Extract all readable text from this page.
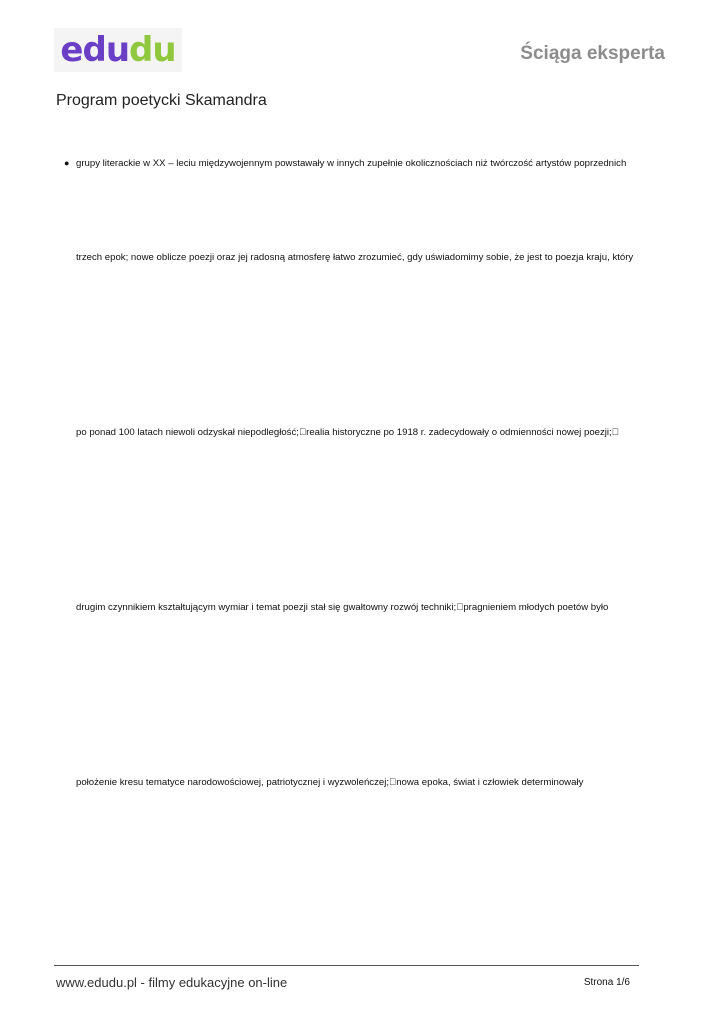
edudu	Ściąga eksperta
Program poetycki Skamandra
● grupy literackie w XX – leciu międzywojennym powstawały w innych zupełnie okolicznościach niż twórczość artystów poprzednich
trzech epok; nowe oblicze poezji oraz jej radosną atmosferę łatwo zrozumieć, gdy uświadomimy sobie, że jest to poezja kraju, który
po ponad 100 latach niewoli odzyskał niepodległość; realia historyczne po 1918 r. zadecydowały o odmienności nowej poezji;
drugim czynnikiem kształtującym wymiar i temat poezji stał się gwałtowny rozwój techniki; pragnieniem młodych poetów było
położenie kresu tematyce narodowościowej, patriotycznej i wyzwoleńczej; nowa epoka, świat i człowiek determinowały
www.edudu.pl - filmy edukacyjne on-line	Strona 1/6
